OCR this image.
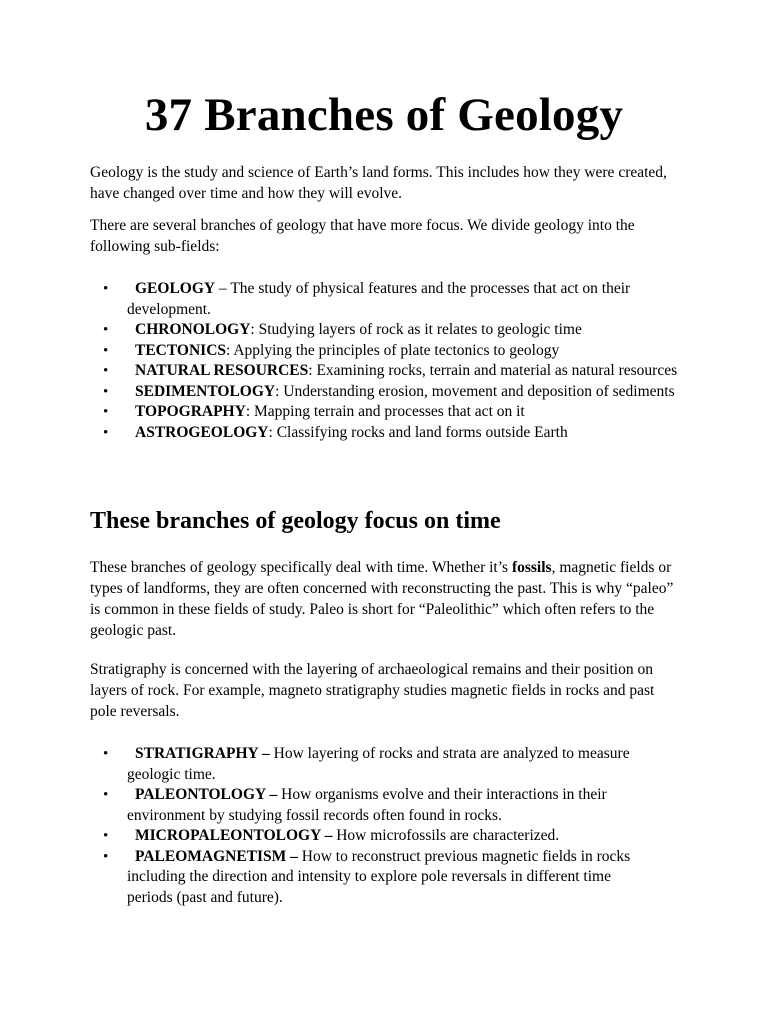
37 Branches of Geology

Geology is the study and science of Earth’s land forms. This includes how they were created, have changed over time and how they will evolve.

There are several branches of geology that have more focus. We divide geology into the following sub-fields:

• GEOLOGY – The study of physical features and the processes that act on their development.
• CHRONOLOGY: Studying layers of rock as it relates to geologic time
• TECTONICS: Applying the principles of plate tectonics to geology
• NATURAL RESOURCES: Examining rocks, terrain and material as natural resources
• SEDIMENTOLOGY: Understanding erosion, movement and deposition of sediments
• TOPOGRAPHY: Mapping terrain and processes that act on it
• ASTROGEOLOGY: Classifying rocks and land forms outside Earth
These branches of geology focus on time

These branches of geology specifically deal with time. Whether it’s fossils, magnetic fields or types of landforms, they are often concerned with reconstructing the past. This is why “paleo” is common in these fields of study. Paleo is short for “Paleolithic” which often refers to the geologic past.

Stratigraphy is concerned with the layering of archaeological remains and their position on layers of rock. For example, magneto stratigraphy studies magnetic fields in rocks and past pole reversals.

• STRATIGRAPHY – How layering of rocks and strata are analyzed to measure geologic time.
• PALEONTOLOGY – How organisms evolve and their interactions in their environment by studying fossil records often found in rocks.
• MICROPALEONTOLOGY – How microfossils are characterized.
• PALEOMAGNETISM – How to reconstruct previous magnetic fields in rocks including the direction and intensity to explore pole reversals in different time periods (past and future).
